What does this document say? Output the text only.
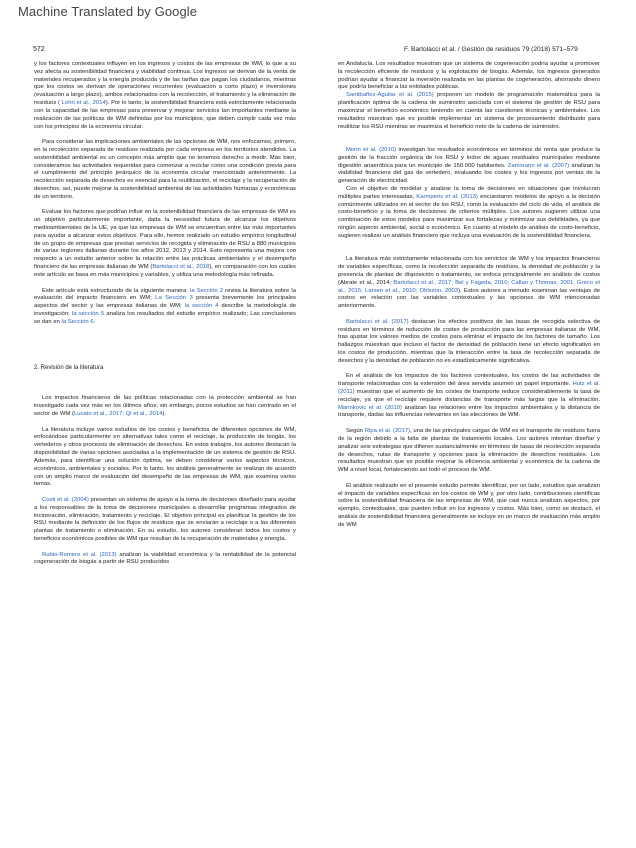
Machine Translated by Google
572	F. Bartolacci et al. / Gestión de residuos 79 (2018) 571–579

y los factores contextuales influyen en los ingresos y costos de las empresas de WM, lo que a su vez afecta su sostenibilidad financiera y viabilidad continua. Los ingresos se derivan de la venta de materiales recuperados y la energía producida y de las tarifas que pagan los ciudadanos, mientras que los costos se derivan de operaciones recurrentes (evaluación a corto plazo) e inversiones (evaluación a largo plazo), ambos relacionados con la recolección, el tratamiento y la eliminación de residuos ( Lohri et al., 2014). Por lo tanto, la sostenibilidad financiera está estrictamente relacionada con la capacidad de las empresas para preservar y mejorar servicios tan importantes mediante la realización de las políticas de WM definidas por los municipios, que deben cumplir cada vez más con los principios de la economía circular.

Para considerar las implicaciones ambientales de las opciones de WM, nos enfocamos, primero, en la recolección separada de residuos realizada por cada empresa en los territorios atendidos. La sostenibilidad ambiental es un concepto más amplio que no tenemos derecho a medir. Más bien, consideramos las actividades requeridas para comenzar a reciclar como una condición previa para el cumplimiento del principio jerárquico de la economía circular mencionado anteriormente. La recolección separada de desechos es esencial para la reutilización, el reciclaje y la recuperación de desechos; así, puede mejorar la sostenibilidad ambiental de las actividades humanas y económicas de un territorio.

Evaluar los factores que podrían influir en la sostenibilidad financiera de las empresas de WM es un objetivo particularmente importante, dada la necesidad futura de alcanzar los objetivos medioambientales de la UE, ya que las empresas de WM se encuentran entre las más importantes para ayudar a alcanzar estos objetivos. Para ello, hemos realizado un estudio empírico longitudinal de un grupo de empresas que prestan servicios de recogida y eliminación de RSU a 880 municipios de varias regiones italianas durante los años 2012, 2013 y 2014. Esto representa una mejora con respecto a un estudio anterior sobre la relación entre las prácticas ambientales y el desempeño financiero de las empresas italianas de WM (Bartolacci et al., 2018), en comparación con los cuales este artículo se basa en más municipios y variables, y utiliza una metodología más refinada.

Este artículo está estructurado de la siguiente manera: la Sección 2 revisa la literatura sobre la evaluación del impacto financiero en WM; La Sección 3 presenta brevemente los principales aspectos del sector y las empresas italianas de WM; la sección 4 describe la metodología de investigación; la sección 5 analiza los resultados del estudio empírico realizado; Las conclusiones se dan en la Sección 6.

2. Revisión de la literatura

Los impactos financieros de las políticas relacionadas con la protección ambiental se han investigado cada vez más en los últimos años; sin embargo, pocos estudios se han centrado en el sector de WM (Lucato et al., 2017; Qi et al., 2014).

La literatura incluye varios estudios de los costos y beneficios de diferentes opciones de WM, enfocándose particularmente en alternativas tales como el reciclaje, la producción de biogás, los vertederos y otros procesos de eliminación de desechos. En estos trabajos, los autores destacan la disponibilidad de varias opciones asociadas a la implementación de un sistema de gestión de RSU. Además, para identificar una solución óptima, se deben considerar varios aspectos técnicos, económicos, ambientales y sociales. Por lo tanto, los análisis generalmente se realizan de acuerdo con un amplio marco de evaluación del desempeño de las empresas de WM, que examina varios temas.

Costi et al. (2004) presentan un sistema de apoyo a la toma de decisiones diseñado para ayudar a los responsables de la toma de decisiones municipales a desarrollar programas integrados de incineración, eliminación, tratamiento y reciclaje. El objetivo principal es planificar la gestión de los RSU mediante la definición de los flujos de residuos que se enviarán a reciclaje o a las diferentes plantas de tratamiento o eliminación. En su estudio, los autores consideran todos los costos y beneficios económicos posibles de WM que resultan de la recuperación de materiales y energía.

Rubio-Romero et al. (2013) analizan la viabilidad económica y la rentabilidad de la potencial cogeneración de biogás a partir de RSU producidos

en Andalucía. Los resultados muestran que un sistema de cogeneración podría ayudar a promover la recolección eficiente de residuos y la explotación de biogás. Además, los ingresos generados podrían ayudar a financiar la inversión realizada en las plantas de cogeneración, ahorrando dinero que podría beneficiar a las entidades públicas.

Santibañez-Aguilar et al. (2015) proponen un modelo de programación matemática para la planificación óptima de la cadena de suministro asociada con el sistema de gestión de RSU para maximizar el beneficio económico teniendo en cuenta las cuestiones técnicas y ambientales. Los resultados muestran que es posible implementar un sistema de procesamiento distribuido para reutilizar los RSU mientras se maximiza el beneficio neto de la cadena de suministro.

Morin et al. (2010) investigan los resultados económicos en términos de renta que produce la gestión de la fracción orgánica de los RSU y lodos de aguas residuales municipales mediante digestión anaeróbica para un municipio de 150.000 habitantes. Zamorano et al. (2007) analizan la viabilidad financiera del gas de vertedero, evaluando los costes y los ingresos por ventas de la generación de electricidad.

Con el objetivo de modelar y analizar la toma de decisiones en situaciones que involucran múltiples partes interesadas, Karmperis et al. (2013) encuestaron modelos de apoyo a la decisión comúnmente utilizados en el sector de los RSU, como la evaluación del ciclo de vida, el análisis de costo-beneficio y la toma de decisiones de criterios múltiples. Los autores sugieren utilizar una combinación de estos modelos para maximizar sus fortalezas y minimizar sus debilidades, ya que ningún aspecto ambiental, social o económico. En cuanto al modelo de análisis de costo-beneficio, sugieren realizar un análisis financiero que incluya una evaluación de la sostenibilidad financiera.

La literatura más estrictamente relacionada con los servicios de WM y los impactos financieros de variables específicas, como la recolección separada de residuos, la densidad de población y la presencia de plantas de disposición o tratamiento, se enfoca principalmente en análisis de costos (Abrate et al., 2014; Bartolacci et al., 2017; Bel y Fageda, 2010; Callan y Thomas, 2001; Greco et al., 2015; Larsen et al., 2010; Ohlsson, 2003). Estos autores a menudo examinan las ventajas de costos en relación con las variables contextuales y las opciones de WM mencionadas anteriormente.

Bartolacci et al. (2017) destacan los efectos positivos de las tasas de recogida selectiva de residuos en términos de reducción de costes de producción para las empresas italianas de WM, tras ajustar los valores medios de costes para eliminar el impacto de los factores de tamaño. Los hallazgos muestran que incluso el factor de densidad de población tiene un efecto significativo en los costos de producción, mientras que la interacción entre la tasa de recolección separada de desechos y la densidad de población no es estadísticamente significativa.

En el análisis de los impactos de los factores contextuales, los costos de las actividades de transporte relacionadas con la extensión del área servida asumen un papel importante. Hutz et al. (2011) muestran que el aumento de los costes de transporte reduce considerablemente la tasa de reciclaje, ya que el reciclaje requiere distancias de transporte más largas que la eliminación. Marinkovic et al. (2010) analizan las relaciones entre los impactos ambientales y la distancia de transporte, dadas las influencias relevantes en las elecciones de WM.

Según Ripa et al. (2017), una de las principales cargas de WM es el transporte de residuos fuera de la región debido a la falta de plantas de tratamiento locales. Los autores intentan diseñar y analizar seis estrategias que difieren sustancialmente en términos de tasas de recolección separada de desechos, rutas de transporte y opciones para la eliminación de desechos residuales. Los resultados muestran que es posible mejorar la eficiencia ambiental y económica de la cadena de WM a nivel local, fortaleciendo así todo el proceso de WM.

El análisis realizado en el presente estudio permite identificar, por un lado, estudios que analizan el impacto de variables específicas en los costos de WM y, por otro lado, contribuciones científicas sobre la sostenibilidad financiera de las empresas de WM, que casi nunca analizan aspectos, por ejemplo, contextuales, que pueden influir en los ingresos y costos. Más bien, como se destacó, el análisis de sostenibilidad financiera generalmente se incluye en un marco de evaluación más amplio de WM
